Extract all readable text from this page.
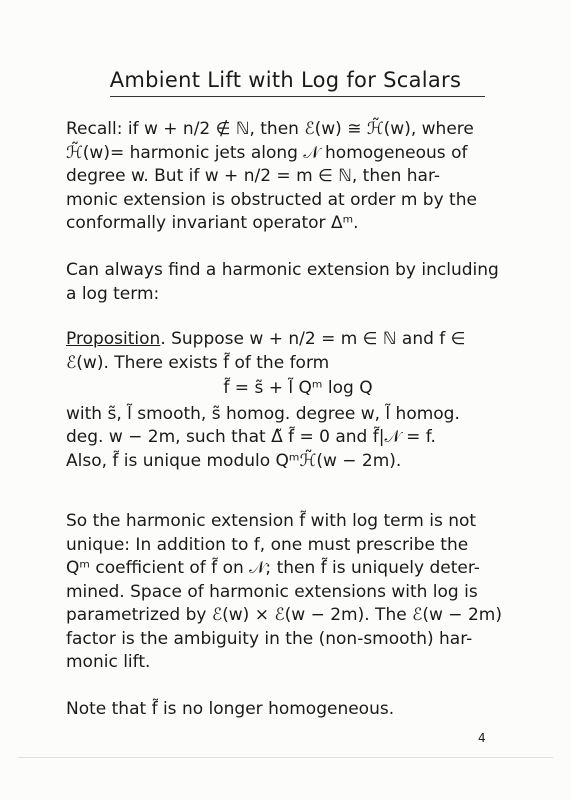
Ambient Lift with Log for Scalars
Recall: if w + n/2 ∉ ℕ, then ℰ(w) ≅ ℋ̃(w), where
ℋ̃(w)= harmonic jets along 𝒩 homogeneous of
degree w. But if w + n/2 = m ∈ ℕ, then har-
monic extension is obstructed at order m by the
conformally invariant operator Δᵐ.
Can always find a harmonic extension by including
a log term:
Proposition. Suppose w + n/2 = m ∈ ℕ and f ∈
ℰ(w). There exists f̃ of the form
f̃ = s̃ + l̃ Qᵐ log Q
with s̃, l̃ smooth, s̃ homog. degree w, l̃ homog.
deg. w − 2m, such that Δ̃ f̃ = 0 and f̃|𝒩 = f.
Also, f̃ is unique modulo Qᵐℋ̃(w − 2m).
So the harmonic extension f̃ with log term is not
unique: In addition to f, one must prescribe the
Qᵐ coefficient of f̃ on 𝒩; then f̃ is uniquely deter-
mined. Space of harmonic extensions with log is
parametrized by ℰ(w) × ℰ(w − 2m). The ℰ(w − 2m)
factor is the ambiguity in the (non-smooth) har-
monic lift.
Note that f̃ is no longer homogeneous.
4
